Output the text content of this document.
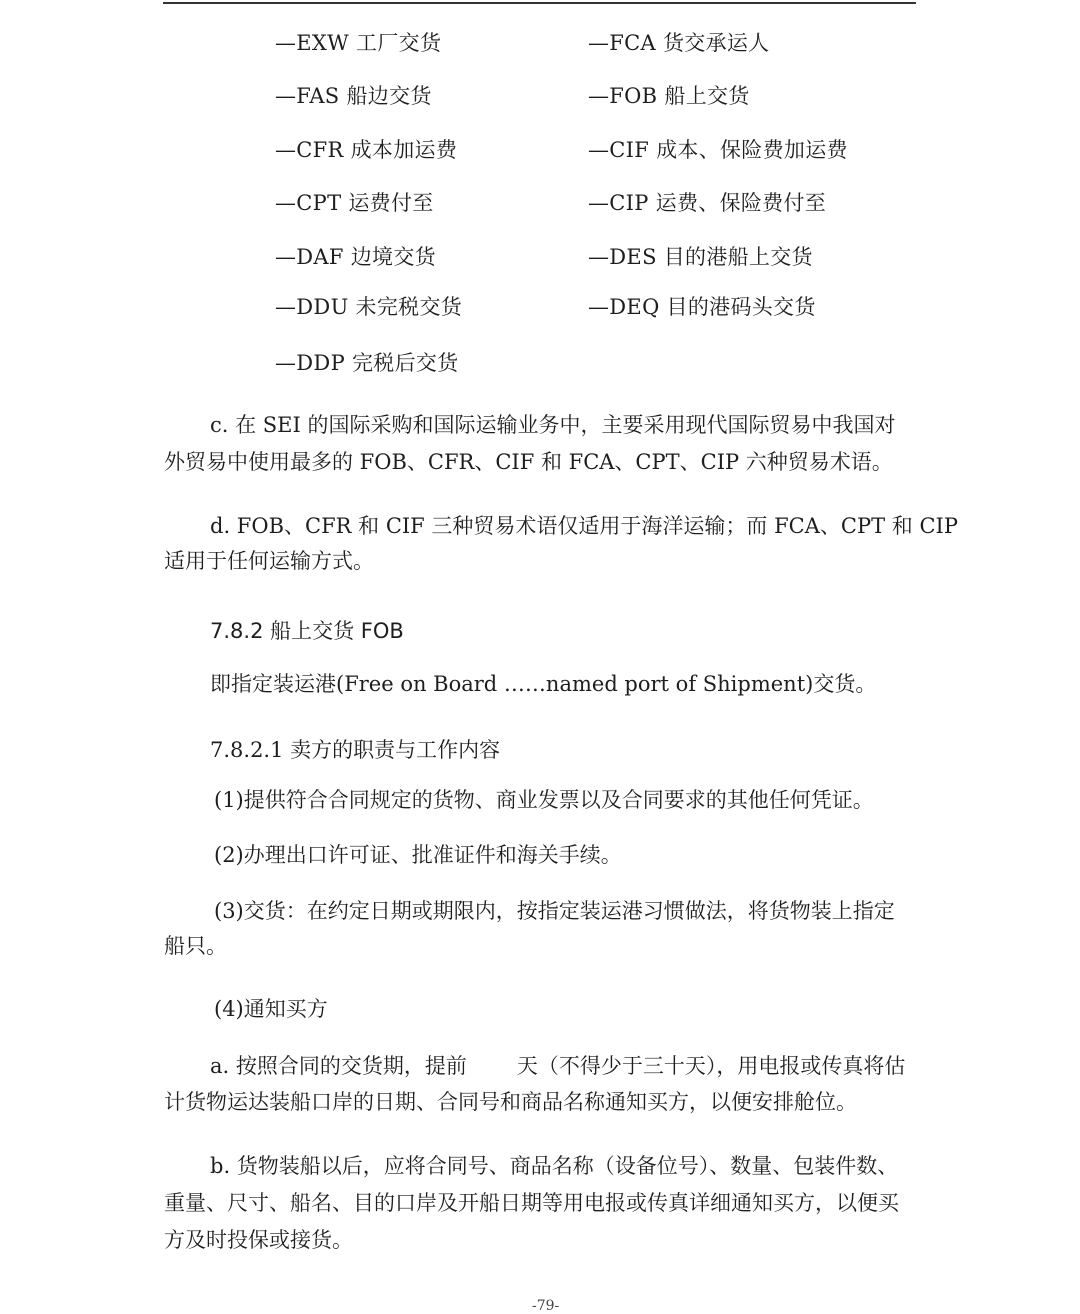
—EXW 工厂交货	—FCA 货交承运人
—FAS 船边交货	—FOB 船上交货
—CFR 成本加运费	—CIF 成本、保险费加运费
—CPT 运费付至	—CIP 运费、保险费付至
—DAF 边境交货	—DES 目的港船上交货
—DDU 未完税交货	—DEQ 目的港码头交货
—DDP 完税后交货
c. 在 SEI 的国际采购和国际运输业务中，主要采用现代国际贸易中我国对
外贸易中使用最多的 FOB、CFR、CIF 和 FCA、CPT、CIP 六种贸易术语。
d. FOB、CFR 和 CIF 三种贸易术语仅适用于海洋运输；而 FCA、CPT 和 CIP
适用于任何运输方式。
7.8.2 船上交货 FOB
即指定装运港(Free on Board ……named port of Shipment)交货。
7.8.2.1 卖方的职责与工作内容
(1)提供符合合同规定的货物、商业发票以及合同要求的其他任何凭证。
(2)办理出口许可证、批准证件和海关手续。
(3)交货：在约定日期或期限内，按指定装运港习惯做法，将货物装上指定
船只。
(4)通知买方
a. 按照合同的交货期，提前 天（不得少于三十天），用电报或传真将估
计货物运达装船口岸的日期、合同号和商品名称通知买方，以便安排舱位。
b. 货物装船以后，应将合同号、商品名称（设备位号）、数量、包装件数、
重量、尺寸、船名、目的口岸及开船日期等用电报或传真详细通知买方，以便买
方及时投保或接货。
-79-
